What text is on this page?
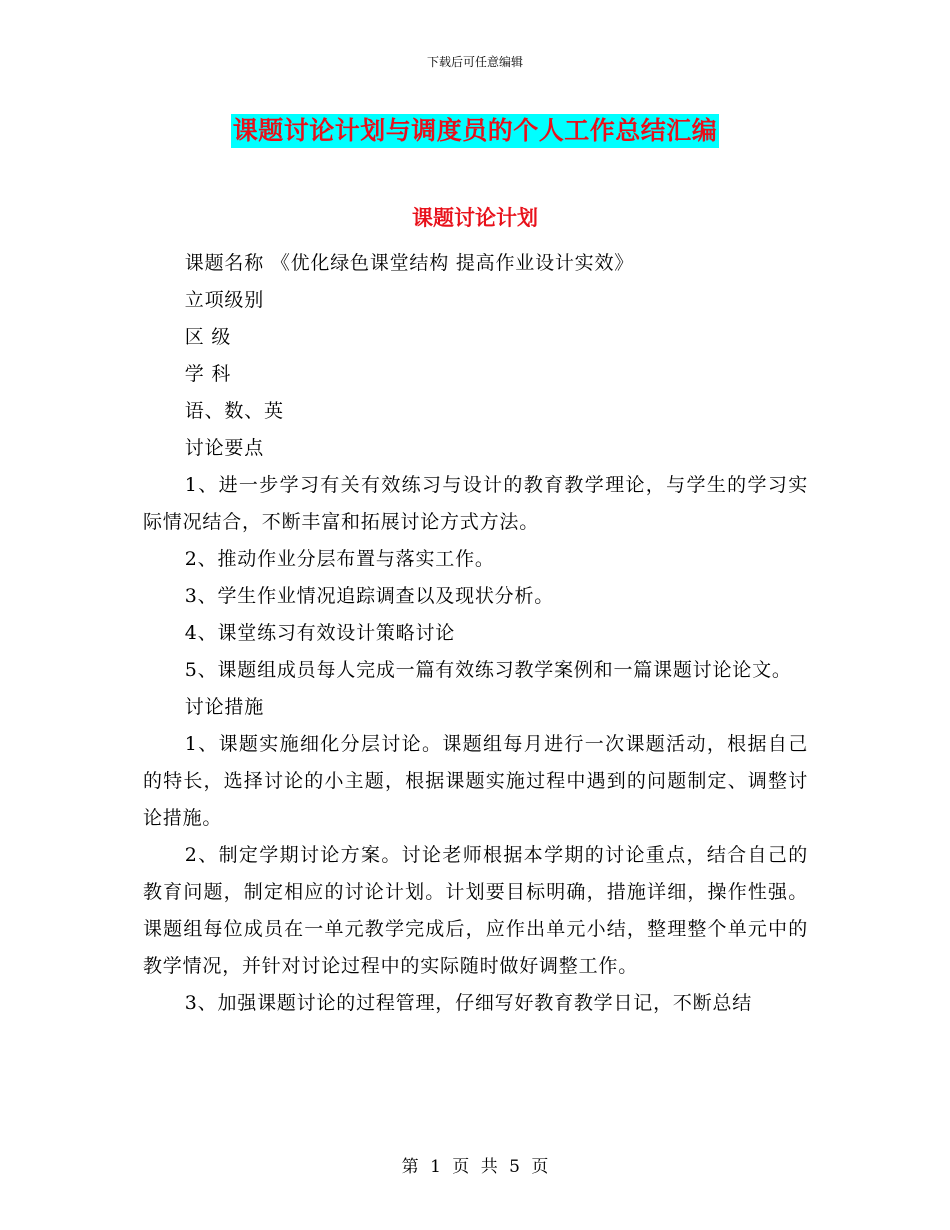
下载后可任意编辑
课题讨论计划与调度员的个人工作总结汇编
课题讨论计划

课题名称 《优化绿色课堂结构 提高作业设计实效》

立项级别

区 级

学 科

语、数、英

讨论要点

1、进一步学习有关有效练习与设计的教育教学理论，与学生的学习实际情况结合，不断丰富和拓展讨论方式方法。

2、推动作业分层布置与落实工作。

3、学生作业情况追踪调查以及现状分析。

4、课堂练习有效设计策略讨论

5、课题组成员每人完成一篇有效练习教学案例和一篇课题讨论论文。

讨论措施

1、课题实施细化分层讨论。课题组每月进行一次课题活动，根据自己的特长，选择讨论的小主题，根据课题实施过程中遇到的问题制定、调整讨论措施。

2、制定学期讨论方案。讨论老师根据本学期的讨论重点，结合自己的教育问题，制定相应的讨论计划。计划要目标明确，措施详细，操作性强。课题组每位成员在一单元教学完成后，应作出单元小结，整理整个单元中的教学情况，并针对讨论过程中的实际随时做好调整工作。

3、加强课题讨论的过程管理，仔细写好教育教学日记，不断总结

第 1 页 共 5 页
